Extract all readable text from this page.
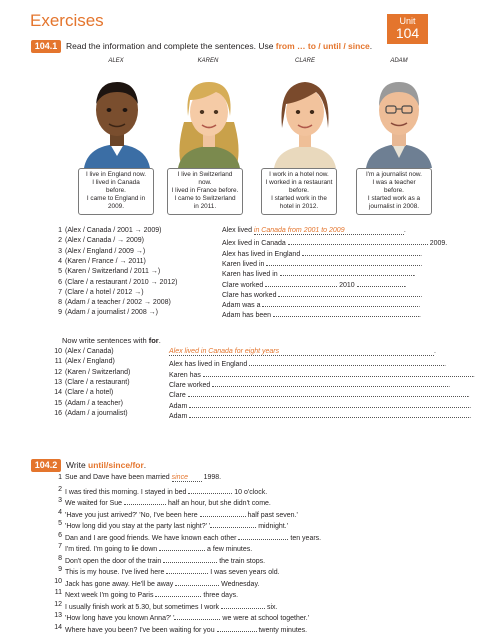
Exercises	Unit
104
104.1	Read the information and complete the sentences. Use from … to / until / since.
ALEX	KAREN	CLARE	ADAM
I live in England now.
I lived in Canada
before.
I came to England in
2009.
I live in Switzerland
now.
I lived in France before.
I came to Switzerland
in 2011.
I work in a hotel now.
I worked in a restaurant
before.
I started work in the
hotel in 2012.
I'm a journalist now.
I was a teacher
before.
I started work as a
journalist in 2008.
1 (Alex / Canada / 2001 → 2009)	Alex lived in Canada from 2001 to 2009	.
2 (Alex / Canada / → 2009)	Alex lived in Canada	2009.
3 (Alex / England / 2009 →)	Alex has lived in England	.
4 (Karen / France / → 2011)	Karen lived in	.
5 (Karen / Switzerland / 2011 →)	Karen has lived in	.
6 (Clare / a restaurant / 2010 → 2012)	Clare worked	2010	.
7 (Clare / a hotel / 2012 →)	Clare has worked	.
8 (Adam / a teacher / 2002 → 2008)	Adam was a	.
9 (Adam / a journalist / 2008 →)	Adam has been	.
Now write sentences with for.
10 (Alex / Canada)	Alex lived in Canada for eight years	.
11 (Alex / England)	Alex has lived in England	.
12 (Karen / Switzerland)	Karen has	.
13 (Clare / a restaurant)	Clare worked	.
14 (Clare / a hotel)	Clare	.
15 (Adam / a teacher)	Adam	.
16 (Adam / a journalist)	Adam	.
104.2	Write until/since/for.
1 Sue and Dave have been married since 1998.
2 I was tired this morning. I stayed in bed	10 o'clock.
3 We waited for Sue	half an hour, but she didn't come.
4 'Have you just arrived?' 'No, I've been here	half past seven.'
5 'How long did you stay at the party last night?' '	midnight.'
6 Dan and I are good friends. We have known each other	ten years.
7 I'm tired. I'm going to lie down	a few minutes.
8 Don't open the door of the train	the train stops.
9 This is my house. I've lived here	I was seven years old.
10 Jack has gone away. He'll be away	Wednesday.
11 Next week I'm going to Paris	three days.
12 I usually finish work at 5.30, but sometimes I work	six.
13 'How long have you known Anna?' '	we were at school together.'
14 Where have you been? I've been waiting for you	twenty minutes.
